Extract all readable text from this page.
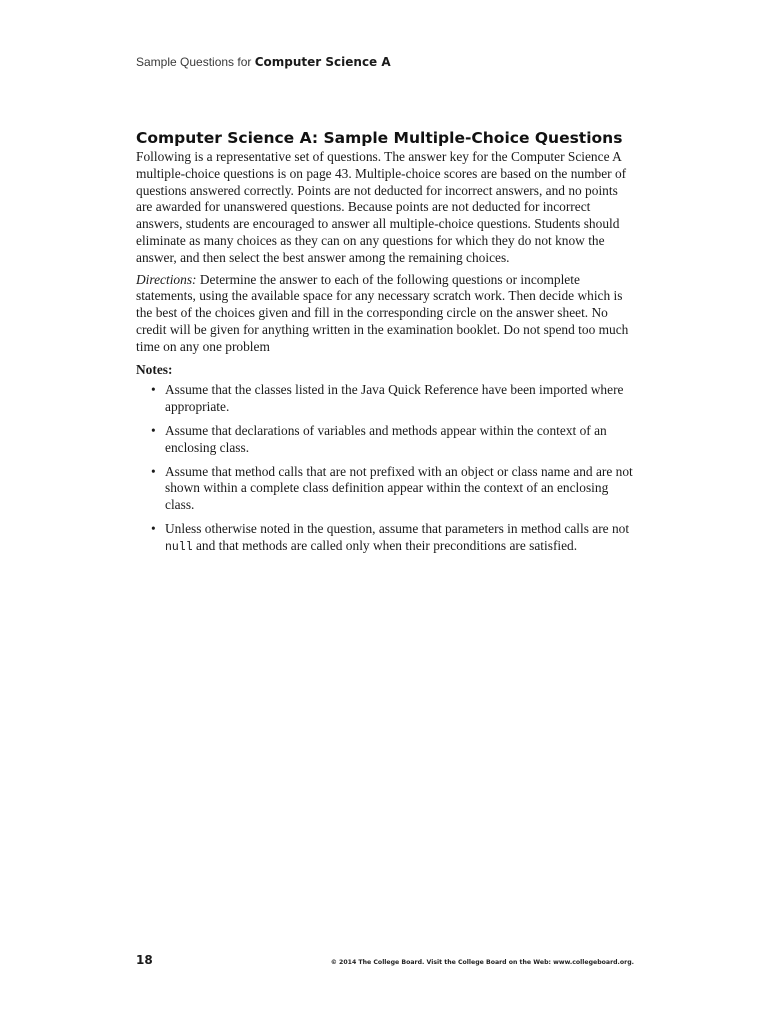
Sample Questions for Computer Science A
Computer Science A: Sample Multiple-Choice Questions

Following is a representative set of questions. The answer key for the Computer Science A multiple-choice questions is on page 43. Multiple-choice scores are based on the number of questions answered correctly. Points are not deducted for incorrect answers, and no points are awarded for unanswered questions. Because points are not deducted for incorrect answers, students are encouraged to answer all multiple-choice questions. Students should eliminate as many choices as they can on any questions for which they do not know the answer, and then select the best answer among the remaining choices.

Directions: Determine the answer to each of the following questions or incomplete statements, using the available space for any necessary scratch work. Then decide which is the best of the choices given and fill in the corresponding circle on the answer sheet. No credit will be given for anything written in the examination booklet. Do not spend too much time on any one problem

Notes:
• Assume that the classes listed in the Java Quick Reference have been imported where appropriate.
• Assume that declarations of variables and methods appear within the context of an enclosing class.
• Assume that method calls that are not prefixed with an object or class name and are not shown within a complete class definition appear within the context of an enclosing class.
• Unless otherwise noted in the question, assume that parameters in method calls are not null and that methods are called only when their preconditions are satisfied.
18	© 2014 The College Board. Visit the College Board on the Web: www.collegeboard.org.
